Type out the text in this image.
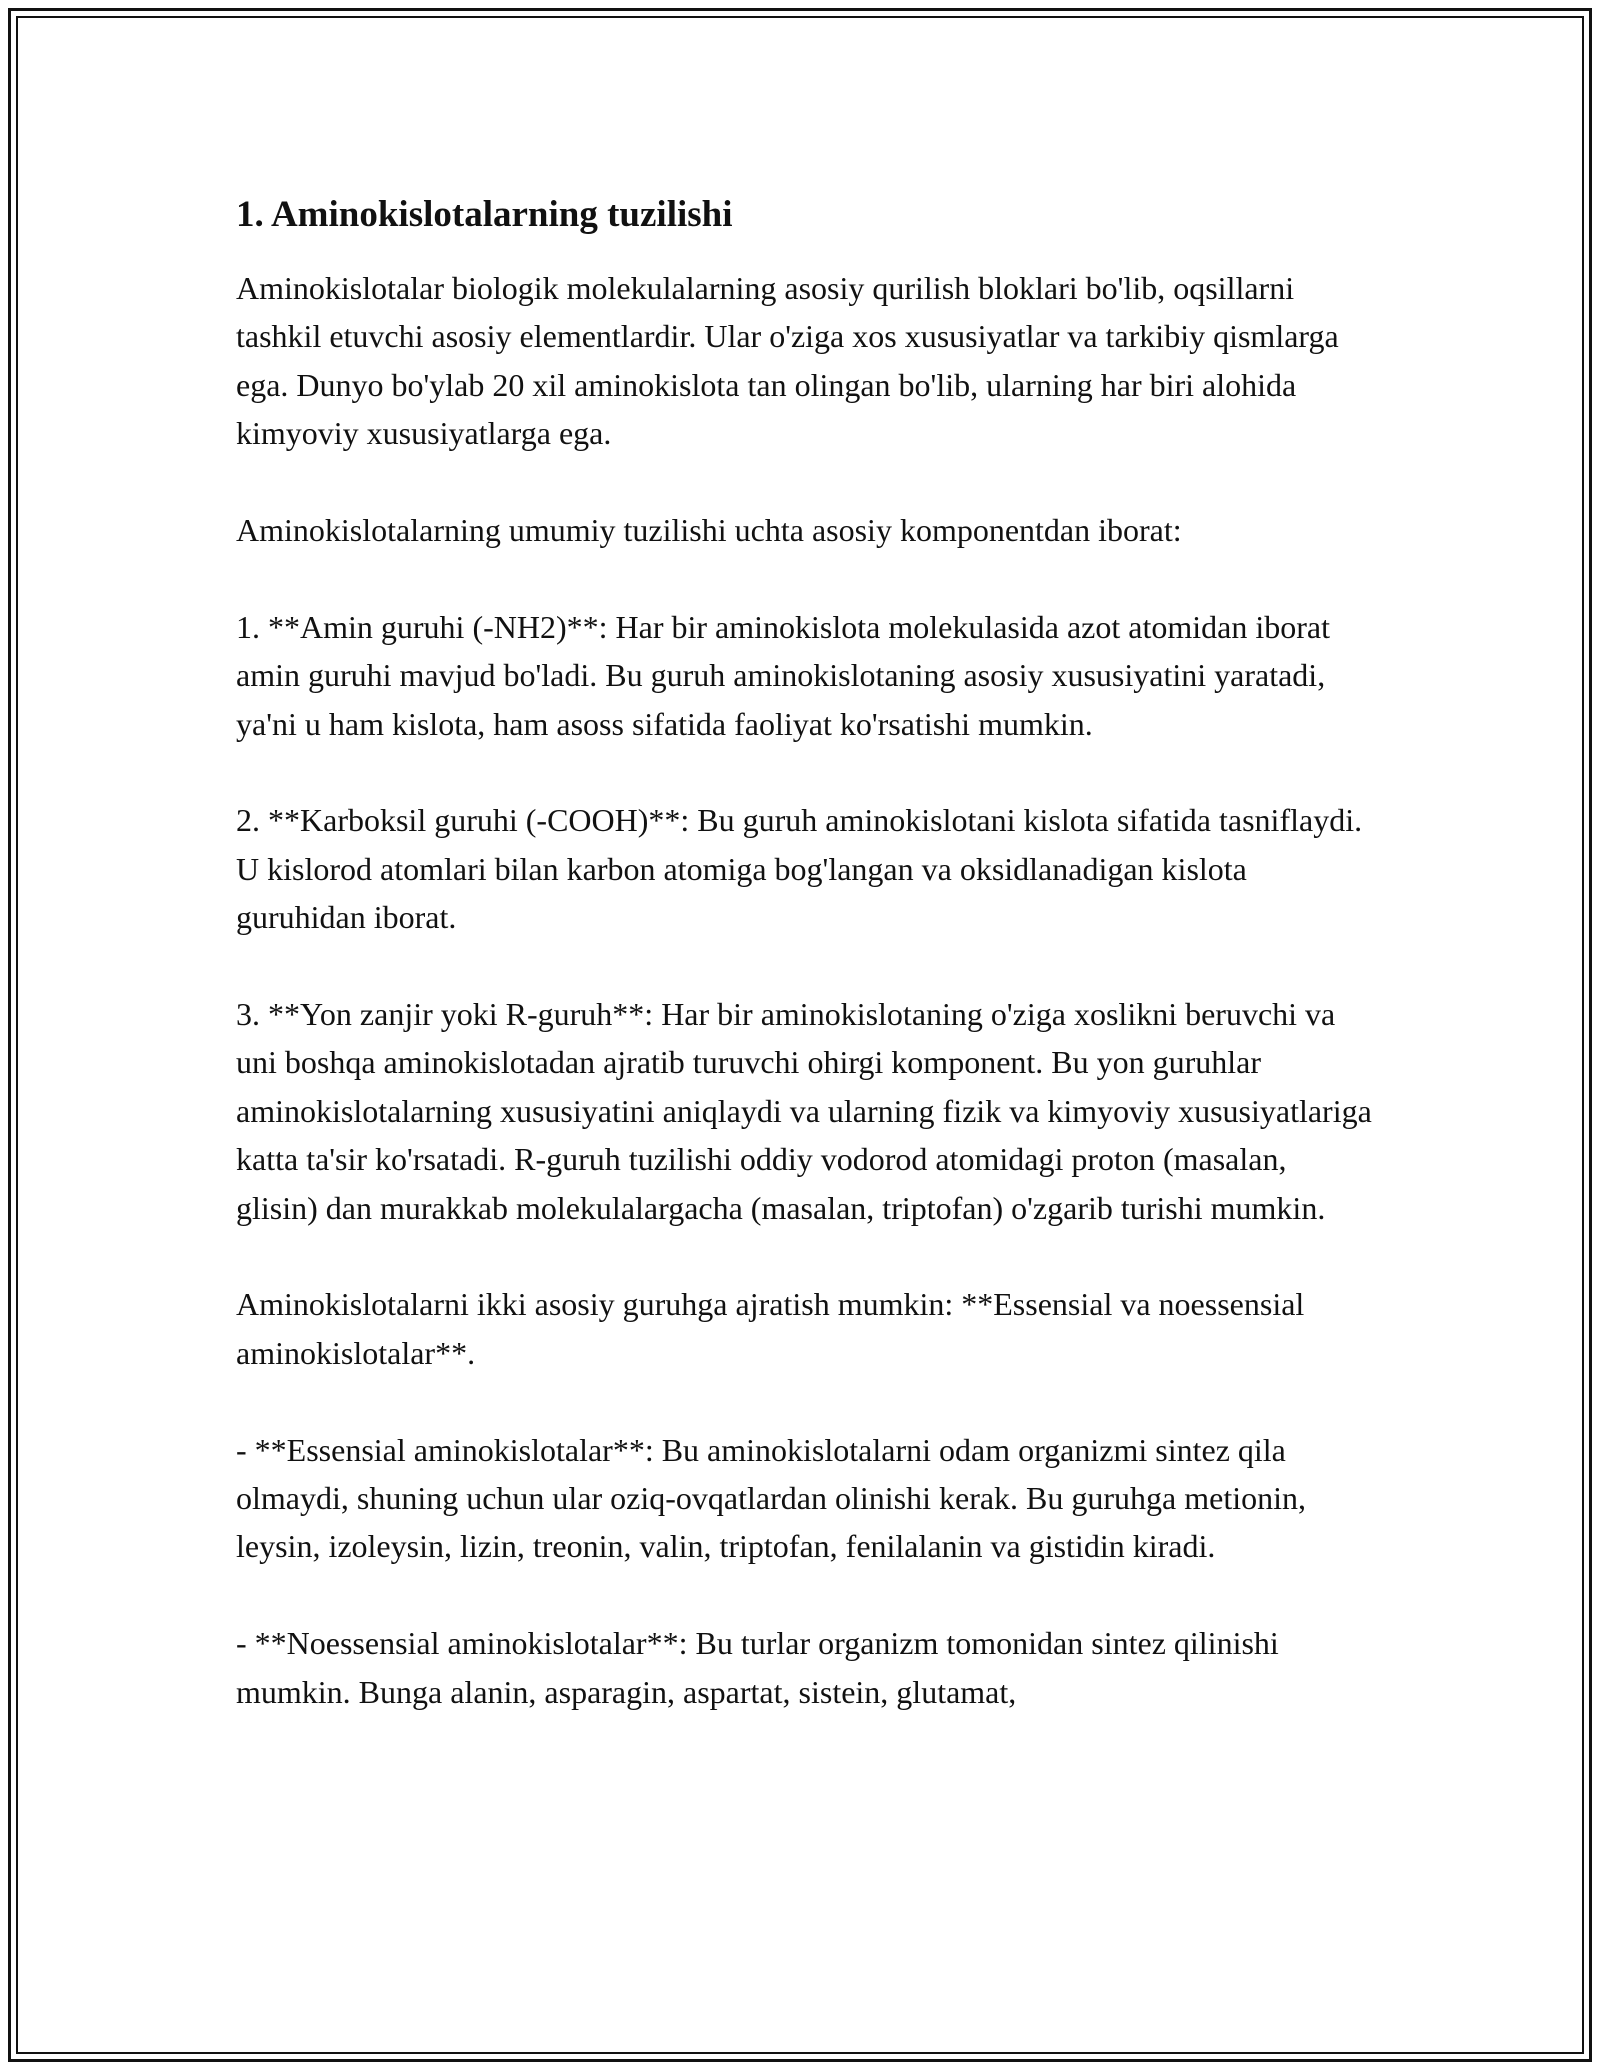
1. Aminokislotalarning tuzilishi

Aminokislotalar biologik molekulalarning asosiy qurilish bloklari bo'lib, oqsillarni tashkil etuvchi asosiy elementlardir. Ular o'ziga xos xususiyatlar va tarkibiy qismlarga ega. Dunyo bo'ylab 20 xil aminokislota tan olingan bo'lib, ularning har biri alohida kimyoviy xususiyatlarga ega.

Aminokislotalarning umumiy tuzilishi uchta asosiy komponentdan iborat:

1. **Amin guruhi (-NH2)**: Har bir aminokislota molekulasida azot atomidan iborat amin guruhi mavjud bo'ladi. Bu guruh aminokislotaning asosiy xususiyatini yaratadi, ya'ni u ham kislota, ham asoss sifatida faoliyat ko'rsatishi mumkin.

2. **Karboksil guruhi (-COOH)**: Bu guruh aminokislotani kislota sifatida tasniflaydi. U kislorod atomlari bilan karbon atomiga bog'langan va oksidlanadigan kislota guruhidan iborat.

3. **Yon zanjir yoki R-guruh**: Har bir aminokislotaning o'ziga xoslikni beruvchi va uni boshqa aminokislotadan ajratib turuvchi ohirgi komponent. Bu yon guruhlar aminokislotalarning xususiyatini aniqlaydi va ularning fizik va kimyoviy xususiyatlariga katta ta'sir ko'rsatadi. R-guruh tuzilishi oddiy vodorod atomidagi proton (masalan, glisin) dan murakkab molekulalargacha (masalan, triptofan) o'zgarib turishi mumkin.

Aminokislotalarni ikki asosiy guruhga ajratish mumkin: **Essensial va noessensial aminokislotalar**.

- **Essensial aminokislotalar**: Bu aminokislotalarni odam organizmi sintez qila olmaydi, shuning uchun ular oziq-ovqatlardan olinishi kerak. Bu guruhga metionin, leysin, izoleysin, lizin, treonin, valin, triptofan, fenilalanin va gistidin kiradi.

- **Noessensial aminokislotalar**: Bu turlar organizm tomonidan sintez qilinishi mumkin. Bunga alanin, asparagin, aspartat, sistein, glutamat,
